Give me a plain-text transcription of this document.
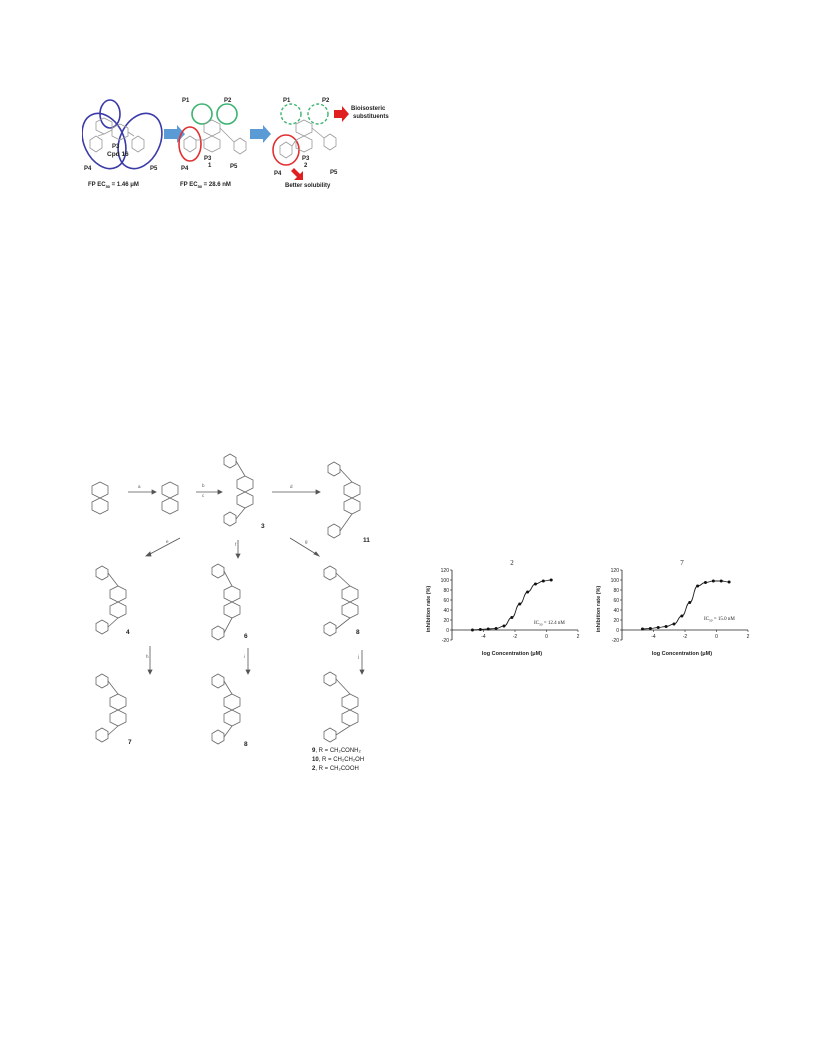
P3
Cpd 16
P4	P5
FP $EC_{50} = 1.46$ μM
P1	P2
P3
1
P4	P5
FP $EC_{50} = 28.6$ nM
P1	P2
P3
2
P4	P5
Bioisosteric
substituents
Better solubility
a	b
c
d
e
f
g
h	i	j
3
11
4
6
8
7	8
9, R = CH₂CONH₂
10, R = CH₂CH₂OH
2, R = CH₂COOH
2
inhibition rate (%)
log Concentration (μM)
$IC_{50} = 12.4$ nM
120
100
80
60
40
20
0
-20
-4	-2	0	2
7
inhibition rate (%)
log Concentration (μM)
$IC_{50} = 15.0$ nM
120
100
80
60
40
20
0
-20
-4	-2	0	2
